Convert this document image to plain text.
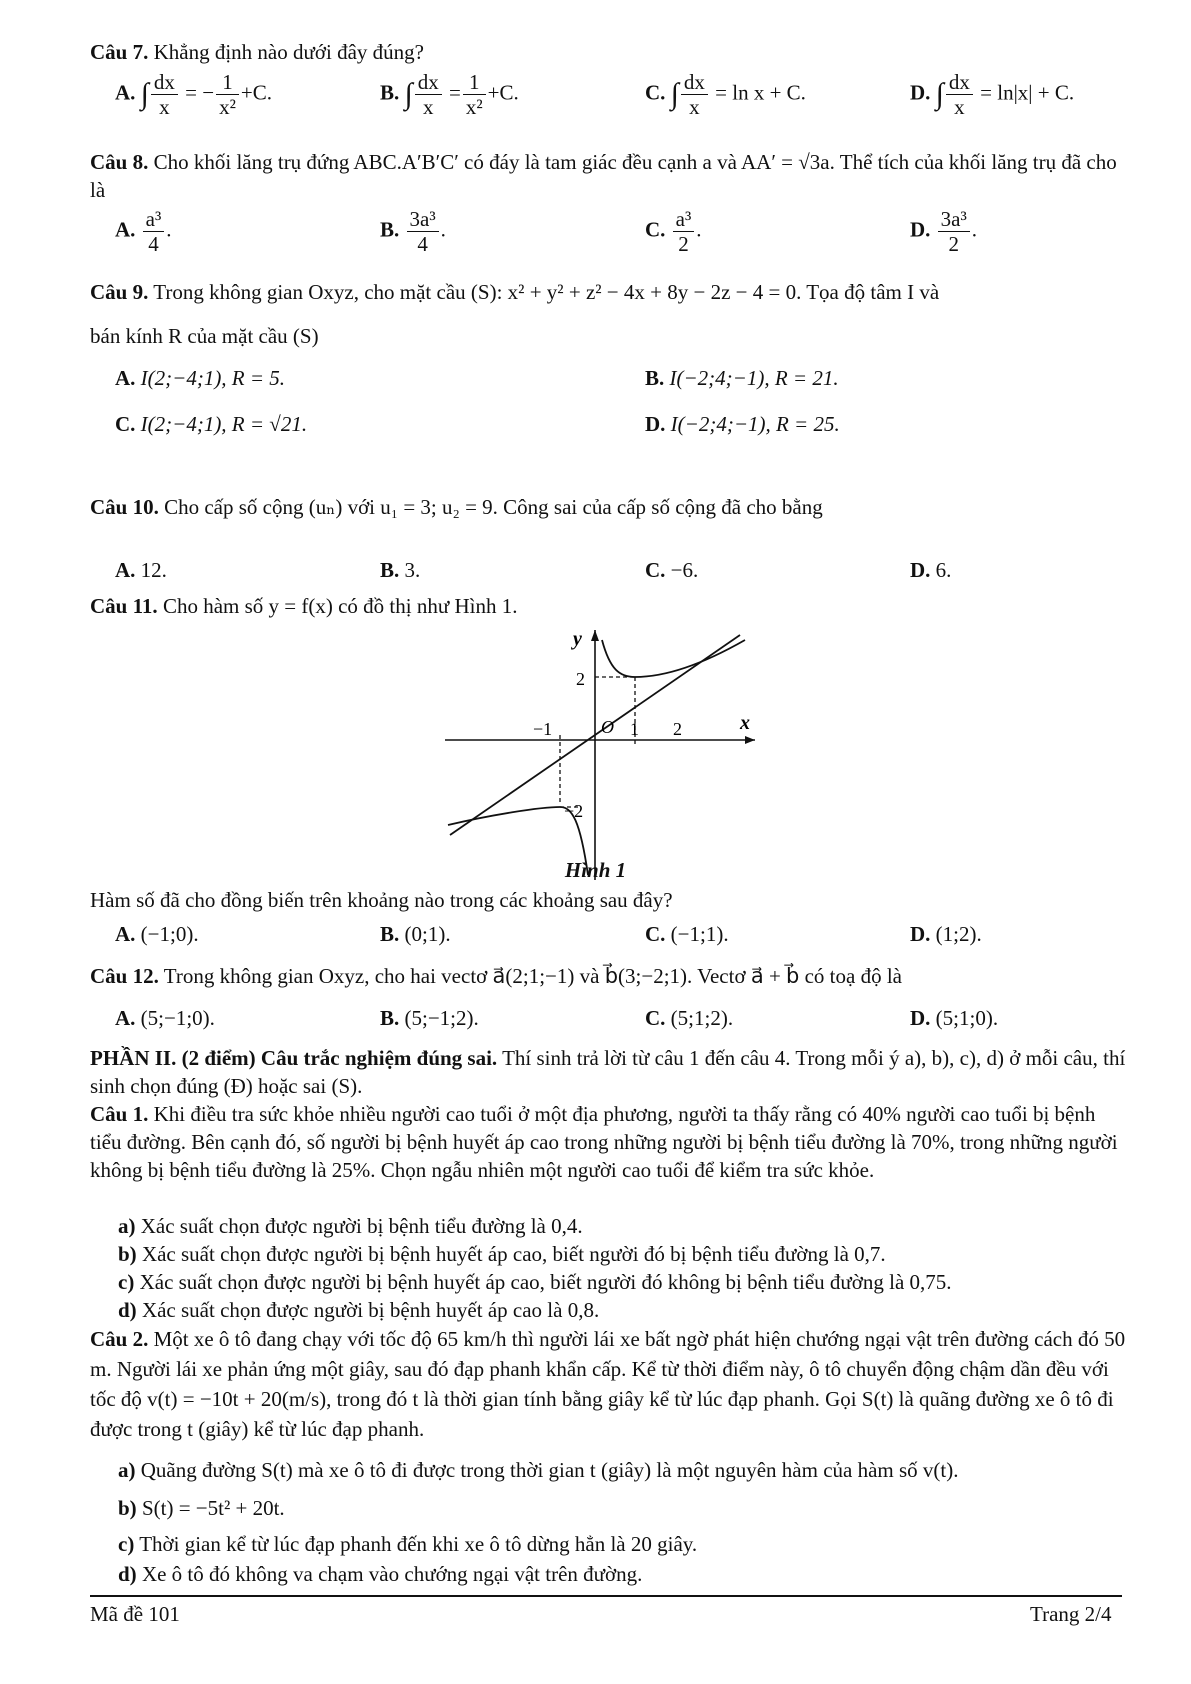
Câu 7. Khẳng định nào dưới đây đúng?
A. ∫ $\frac{dx}{x}$ = − $\frac{1}{\text{x²}} +C$.	B. ∫ $\frac{dx}{x} = \frac{1}{\text{x²}} +C$.	C. ∫ $\frac{dx}{x} = \ln x + C$.	D. ∫ $\frac{dx}{x} = \ln|x| + C$.
Câu 8. Cho khối lăng trụ đứng ABC.A′B′C′ có đáy là tam giác đều cạnh a và AA′ = √3a. Thể tích của khối lăng trụ đã cho là
A. $\frac{\text{a³}}{4}$ .	B. $\frac{\text{3a³}}{4}$ .	C. $\frac{\text{a³}}{2}$ .	D. $\frac{\text{3a³}}{2}$ .
Câu 9. Trong không gian Oxyz, cho mặt cầu (S): x² + y² + z² − 4x + 8y − 2z − 4 = 0. Tọa độ tâm I và
bán kính R của mặt cầu (S)
A. I(2;−4;1), R = 5.	B. I(−2;4;−1), R = 21.
C. I(2;−4;1), R = √21.	D. I(−2;4;−1), R = 25.
Câu 10. Cho cấp số cộng (uₙ) với u₁ = 3; u₂ = 9. Công sai của cấp số cộng đã cho bằng
A. 12.	B. 3.	C. −6.	D. 6.
Câu 11. Cho hàm số y = f(x) có đồ thị như Hình 1.
y
x
O
2
−2
−1	1 2
Hình 1
Hàm số đã cho đồng biến trên khoảng nào trong các khoảng sau đây?
A. (−1;0).	B. (0;1).	C. (−1;1).	D. (1;2).
Câu 12. Trong không gian Oxyz, cho hai vectơ a⃗(2;1;−1) và b⃗(3;−2;1). Vectơ a⃗ + b⃗ có toạ độ là
A. (5;−1;0).	B. (5;−1;2).	C. (5;1;2).	D. (5;1;0).
PHẦN II. (2 điểm) Câu trắc nghiệm đúng sai. Thí sinh trả lời từ câu 1 đến câu 4. Trong mỗi ý a), b), c), d) ở mỗi câu, thí sinh chọn đúng (Đ) hoặc sai (S).
Câu 1. Khi điều tra sức khỏe nhiều người cao tuổi ở một địa phương, người ta thấy rằng có 40% người cao tuổi bị bệnh tiểu đường. Bên cạnh đó, số người bị bệnh huyết áp cao trong những người bị bệnh tiểu đường là 70%, trong những người không bị bệnh tiểu đường là 25%. Chọn ngẫu nhiên một người cao tuổi để kiểm tra sức khỏe.
a) Xác suất chọn được người bị bệnh tiểu đường là 0,4.
b) Xác suất chọn được người bị bệnh huyết áp cao, biết người đó bị bệnh tiểu đường là 0,7.
c) Xác suất chọn được người bị bệnh huyết áp cao, biết người đó không bị bệnh tiểu đường là 0,75.
d) Xác suất chọn được người bị bệnh huyết áp cao là 0,8.
Câu 2. Một xe ô tô đang chạy với tốc độ 65 km/h thì người lái xe bất ngờ phát hiện chướng ngại vật trên đường cách đó 50 m. Người lái xe phản ứng một giây, sau đó đạp phanh khẩn cấp. Kể từ thời điểm này, ô tô chuyển động chậm dần đều với tốc độ v(t) = −10t + 20(m/s), trong đó t là thời gian tính bằng giây kể từ lúc đạp phanh. Gọi S(t) là quãng đường xe ô tô đi được trong t (giây) kể từ lúc đạp phanh.
a) Quãng đường S(t) mà xe ô tô đi được trong thời gian t (giây) là một nguyên hàm của hàm số v(t).
b) S(t) = −5t² + 20t.
c) Thời gian kể từ lúc đạp phanh đến khi xe ô tô dừng hẳn là 20 giây.
d) Xe ô tô đó không va chạm vào chướng ngại vật trên đường.
Mã đề 101	Trang 2/4
